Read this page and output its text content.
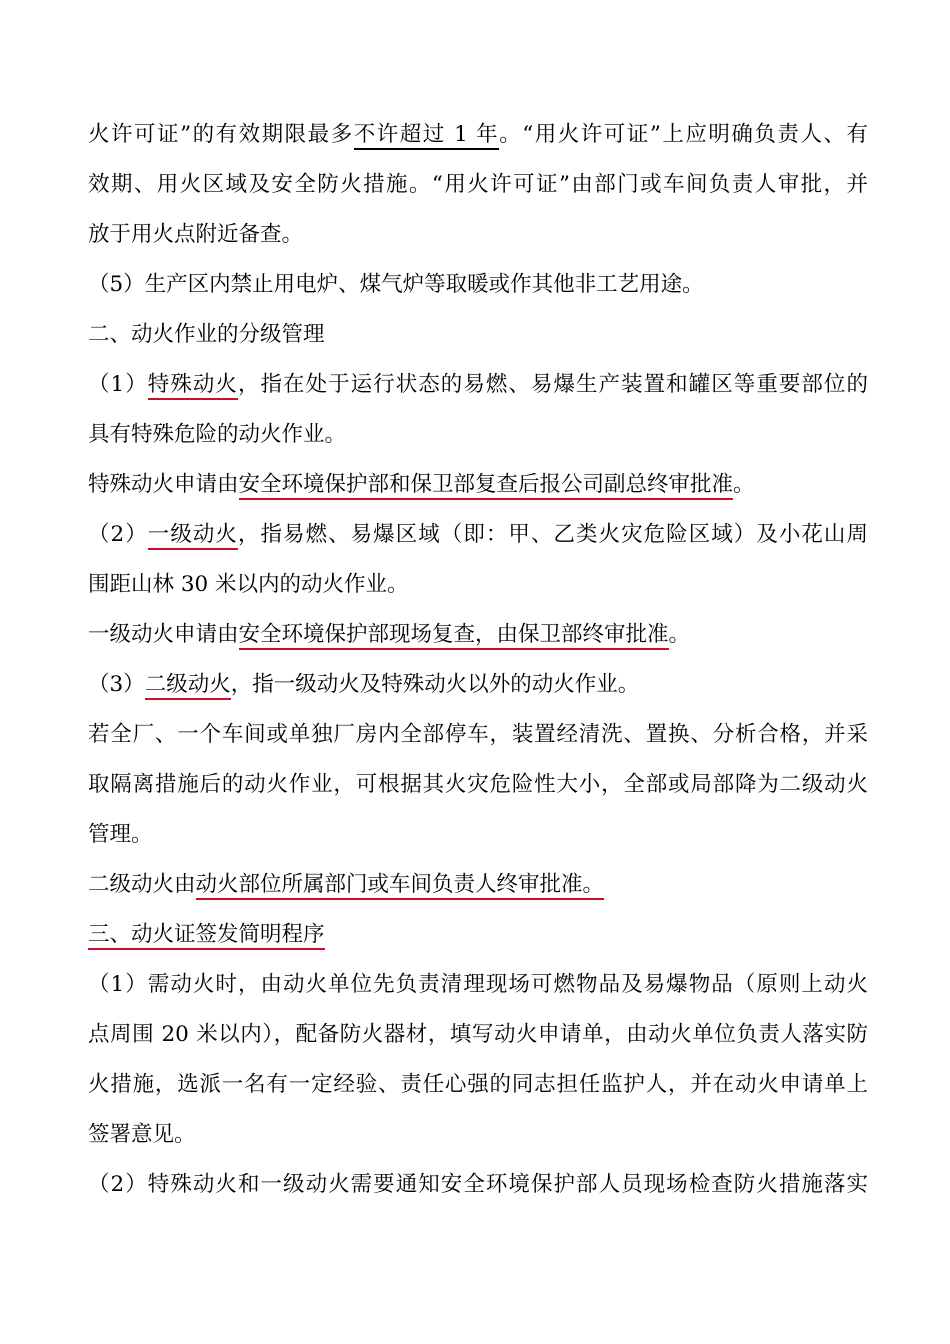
火许可证”的有效期限最多不许超过 1 年。“用火许可证”上应明确负责人、有
效期、用火区域及安全防火措施。“用火许可证”由部门或车间负责人审批，并
放于用火点附近备查。
（5）生产区内禁止用电炉、煤气炉等取暖或作其他非工艺用途。
二、动火作业的分级管理
（1）特殊动火，指在处于运行状态的易燃、易爆生产装置和罐区等重要部位的
具有特殊危险的动火作业。
特殊动火申请由安全环境保护部和保卫部复查后报公司副总终审批准。
（2）一级动火，指易燃、易爆区域（即：甲、乙类火灾危险区域）及小花山周
围距山林 30 米以内的动火作业。
一级动火申请由安全环境保护部现场复查，由保卫部终审批准。
（3）二级动火，指一级动火及特殊动火以外的动火作业。
若全厂、一个车间或单独厂房内全部停车，装置经清洗、置换、分析合格，并采
取隔离措施后的动火作业，可根据其火灾危险性大小，全部或局部降为二级动火
管理。
二级动火由动火部位所属部门或车间负责人终审批准。
三、动火证签发简明程序
（1）需动火时，由动火单位先负责清理现场可燃物品及易爆物品（原则上动火
点周围 20 米以内），配备防火器材，填写动火申请单，由动火单位负责人落实防
火措施，选派一名有一定经验、责任心强的同志担任监护人，并在动火申请单上
签署意见。
（2）特殊动火和一级动火需要通知安全环境保护部人员现场检查防火措施落实
